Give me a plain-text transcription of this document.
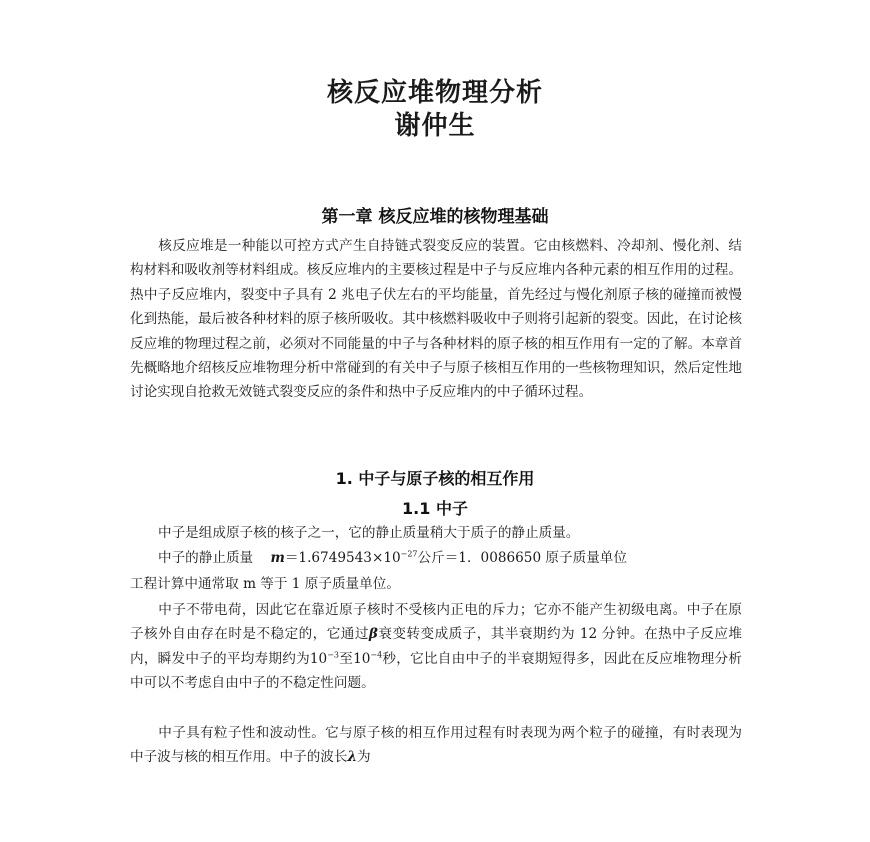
核反应堆物理分析
谢仲生
第一章 核反应堆的核物理基础

核反应堆是一种能以可控方式产生自持链式裂变反应的装置。它由核燃料、冷却剂、慢化剂、结构材料和吸收剂等材料组成。核反应堆内的主要核过程是中子与反应堆内各种元素的相互作用的过程。热中子反应堆内，裂变中子具有 2 兆电子伏左右的平均能量，首先经过与慢化剂原子核的碰撞而被慢化到热能，最后被各种材料的原子核所吸收。其中核燃料吸收中子则将引起新的裂变。因此，在讨论核反应堆的物理过程之前，必须对不同能量的中子与各种材料的原子核的相互作用有一定的了解。本章首先概略地介绍核反应堆物理分析中常碰到的有关中子与原子核相互作用的一些核物理知识，然后定性地讨论实现自抢救无效链式裂变反应的条件和热中子反应堆内的中子循环过程。

1. 中子与原子核的相互作用
1.1 中子

中子是组成原子核的核子之一，它的静止质量稍大于质子的静止质量。

中子的静止质量 $m=1.6749543\times 10^{-27}$公斤＝1．0086650 原子质量单位

工程计算中通常取 m 等于 1 原子质量单位。

中子不带电荷，因此它在靠近原子核时不受核内正电的斥力；它亦不能产生初级电离。中子在原子核外自由存在时是不稳定的，它通过β衰变转变成质子，其半衰期约为 12 分钟。在热中子反应堆内，瞬发中子的平均寿期约为$10^{-3}$至$10^{-4}$秒，它比自由中子的半衰期短得多，因此在反应堆物理分析中可以不考虑自由中子的不稳定性问题。

中子具有粒子性和波动性。它与原子核的相互作用过程有时表现为两个粒子的碰撞，有时表现为中子波与核的相互作用。中子的波长λ为
